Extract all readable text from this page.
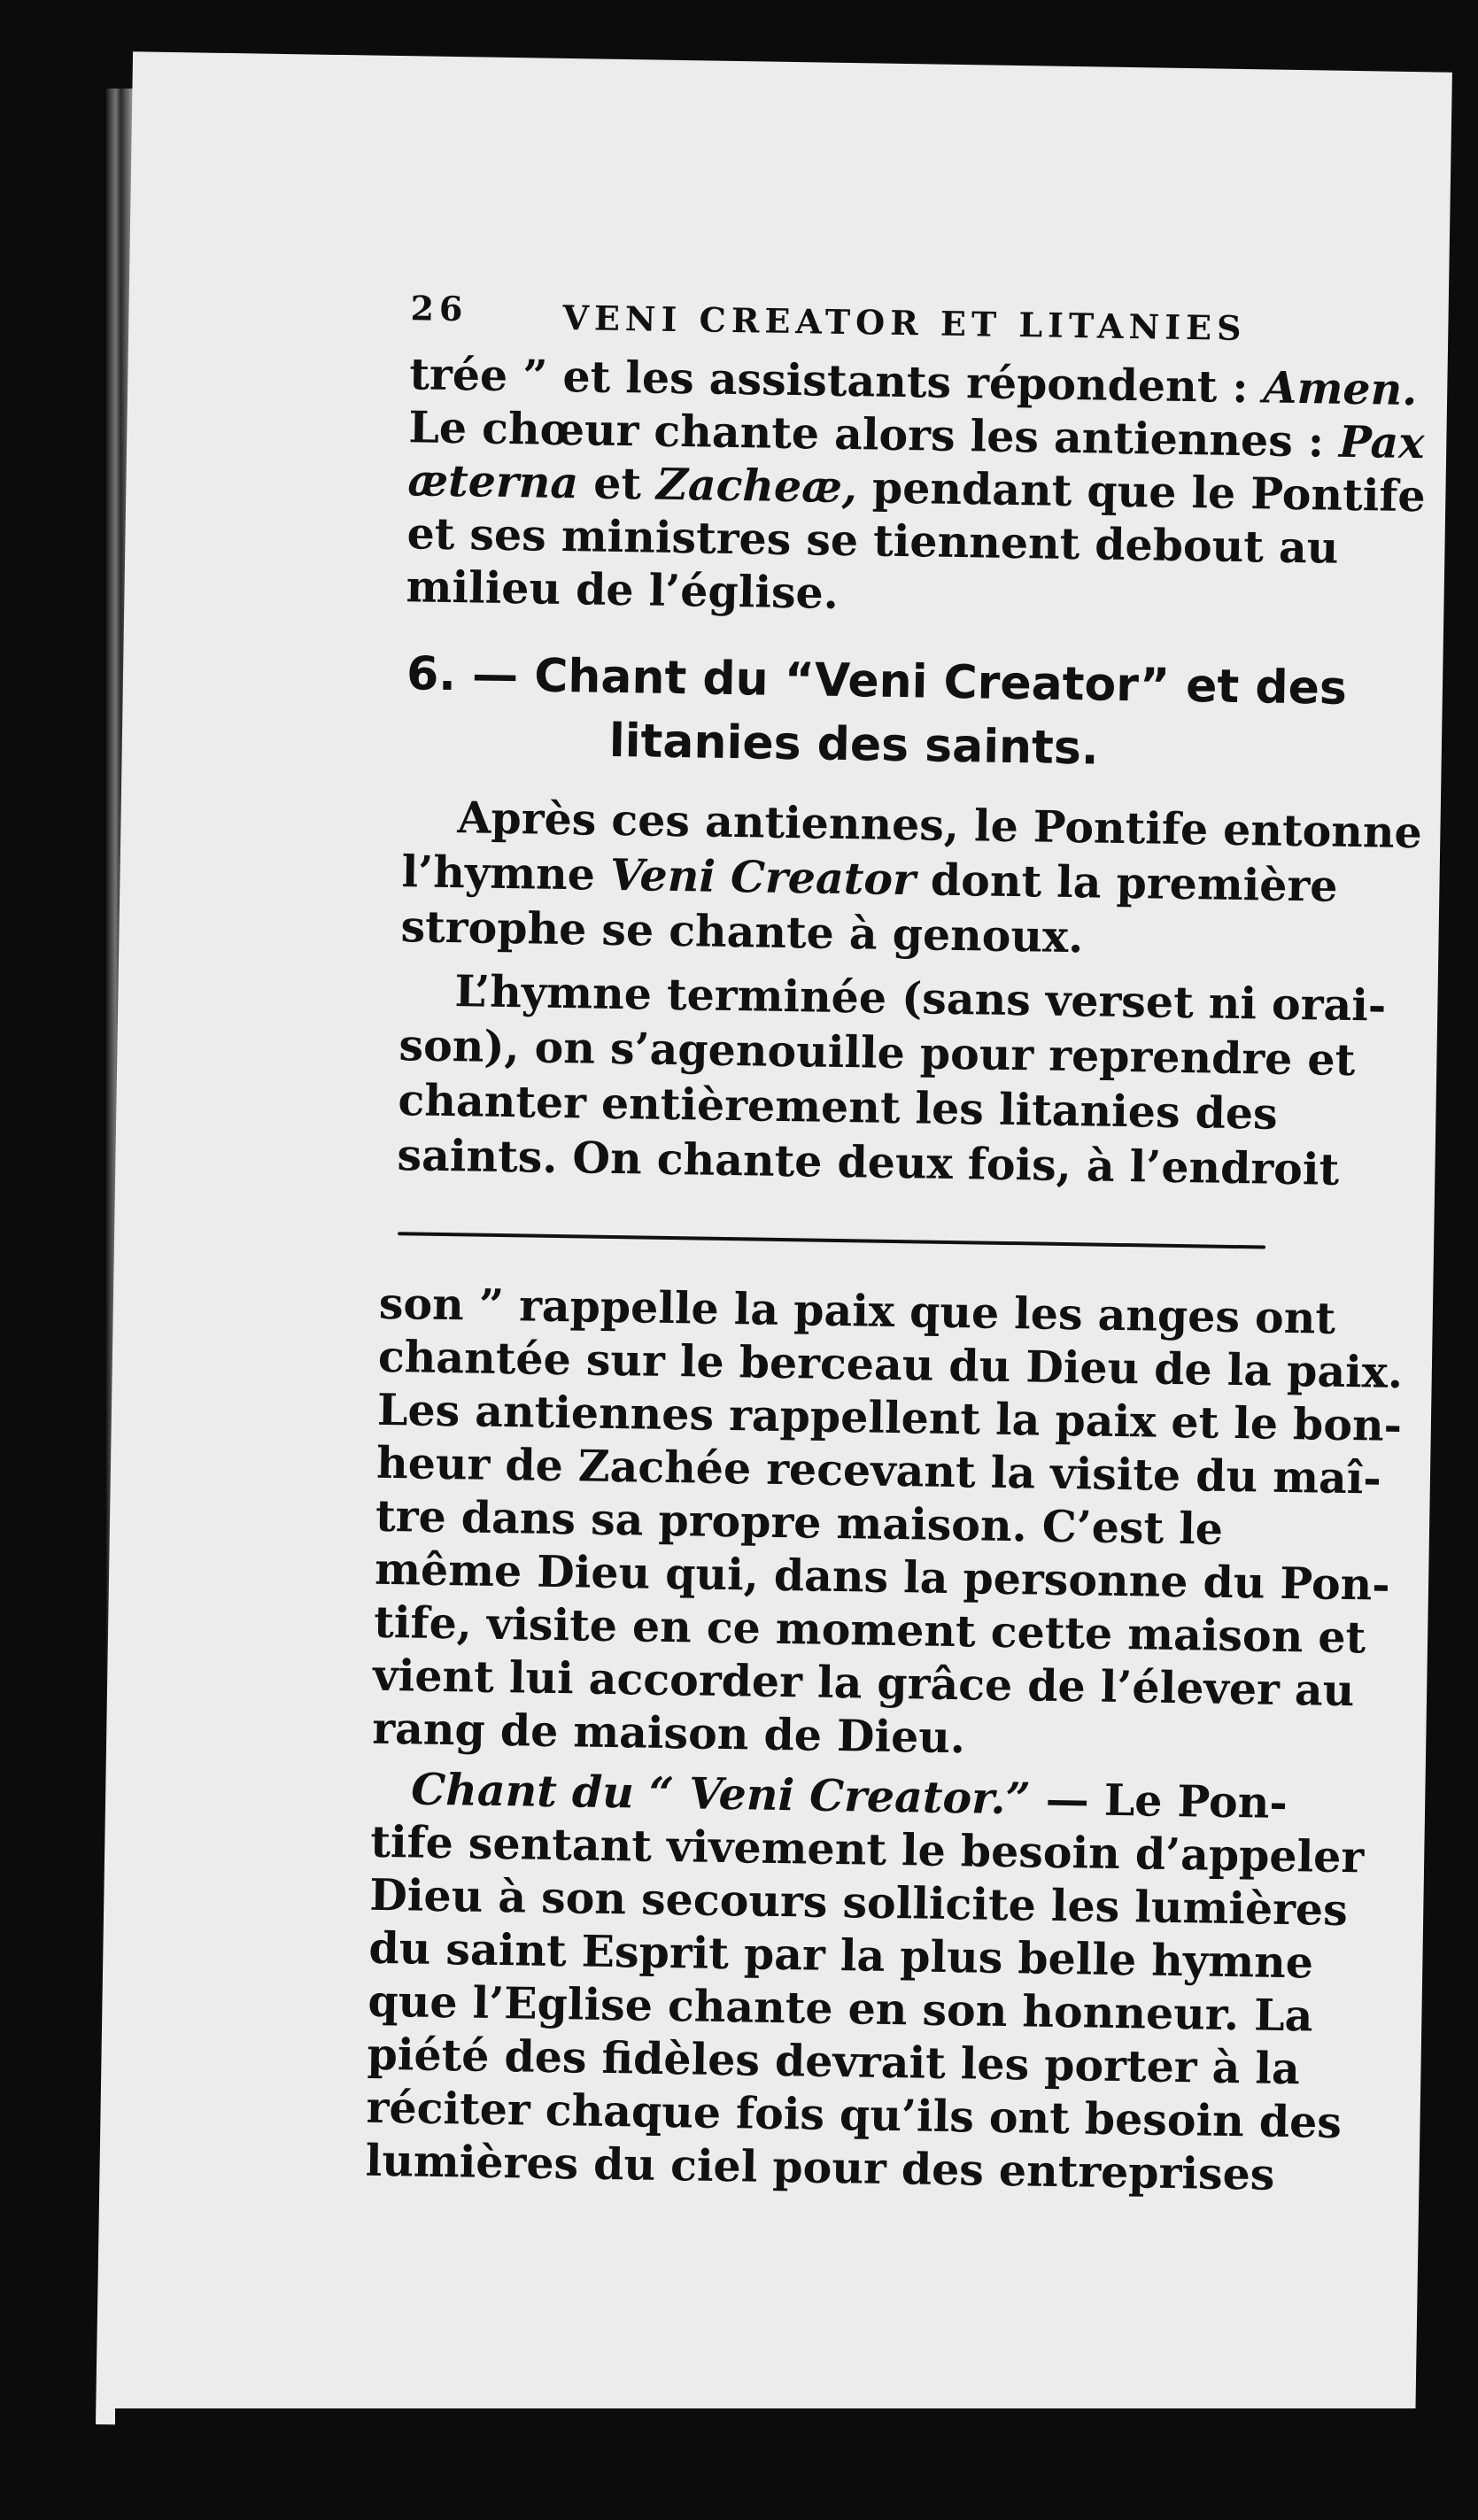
26	VENI CREATOR ET LITANIES
trée ” et les assistants répondent : Amen.
Le chœur chante alors les antiennes : Pax
æterna et Zacheæ, pendant que le Pontife
et ses ministres se tiennent debout au
milieu de l’église.
6. — Chant du “Veni Creator” et des
litanies des saints.
Après ces antiennes, le Pontife entonne
l’hymne Veni Creator dont la première
strophe se chante à genoux.
L’hymne terminée (sans verset ni orai-
son), on s’agenouille pour reprendre et
chanter entièrement les litanies des
saints. On chante deux fois, à l’endroit
son ” rappelle la paix que les anges ont
chantée sur le berceau du Dieu de la paix.
Les antiennes rappellent la paix et le bon-
heur de Zachée recevant la visite du maî-
tre dans sa propre maison. C’est le
même Dieu qui, dans la personne du Pon-
tife, visite en ce moment cette maison et
vient lui accorder la grâce de l’élever au
rang de maison de Dieu.
Chant du “ Veni Creator.” — Le Pon-
tife sentant vivement le besoin d’appeler
Dieu à son secours sollicite les lumières
du saint Esprit par la plus belle hymne
que l’Eglise chante en son honneur. La
piété des fidèles devrait les porter à la
réciter chaque fois qu’ils ont besoin des
lumières du ciel pour des entreprises
